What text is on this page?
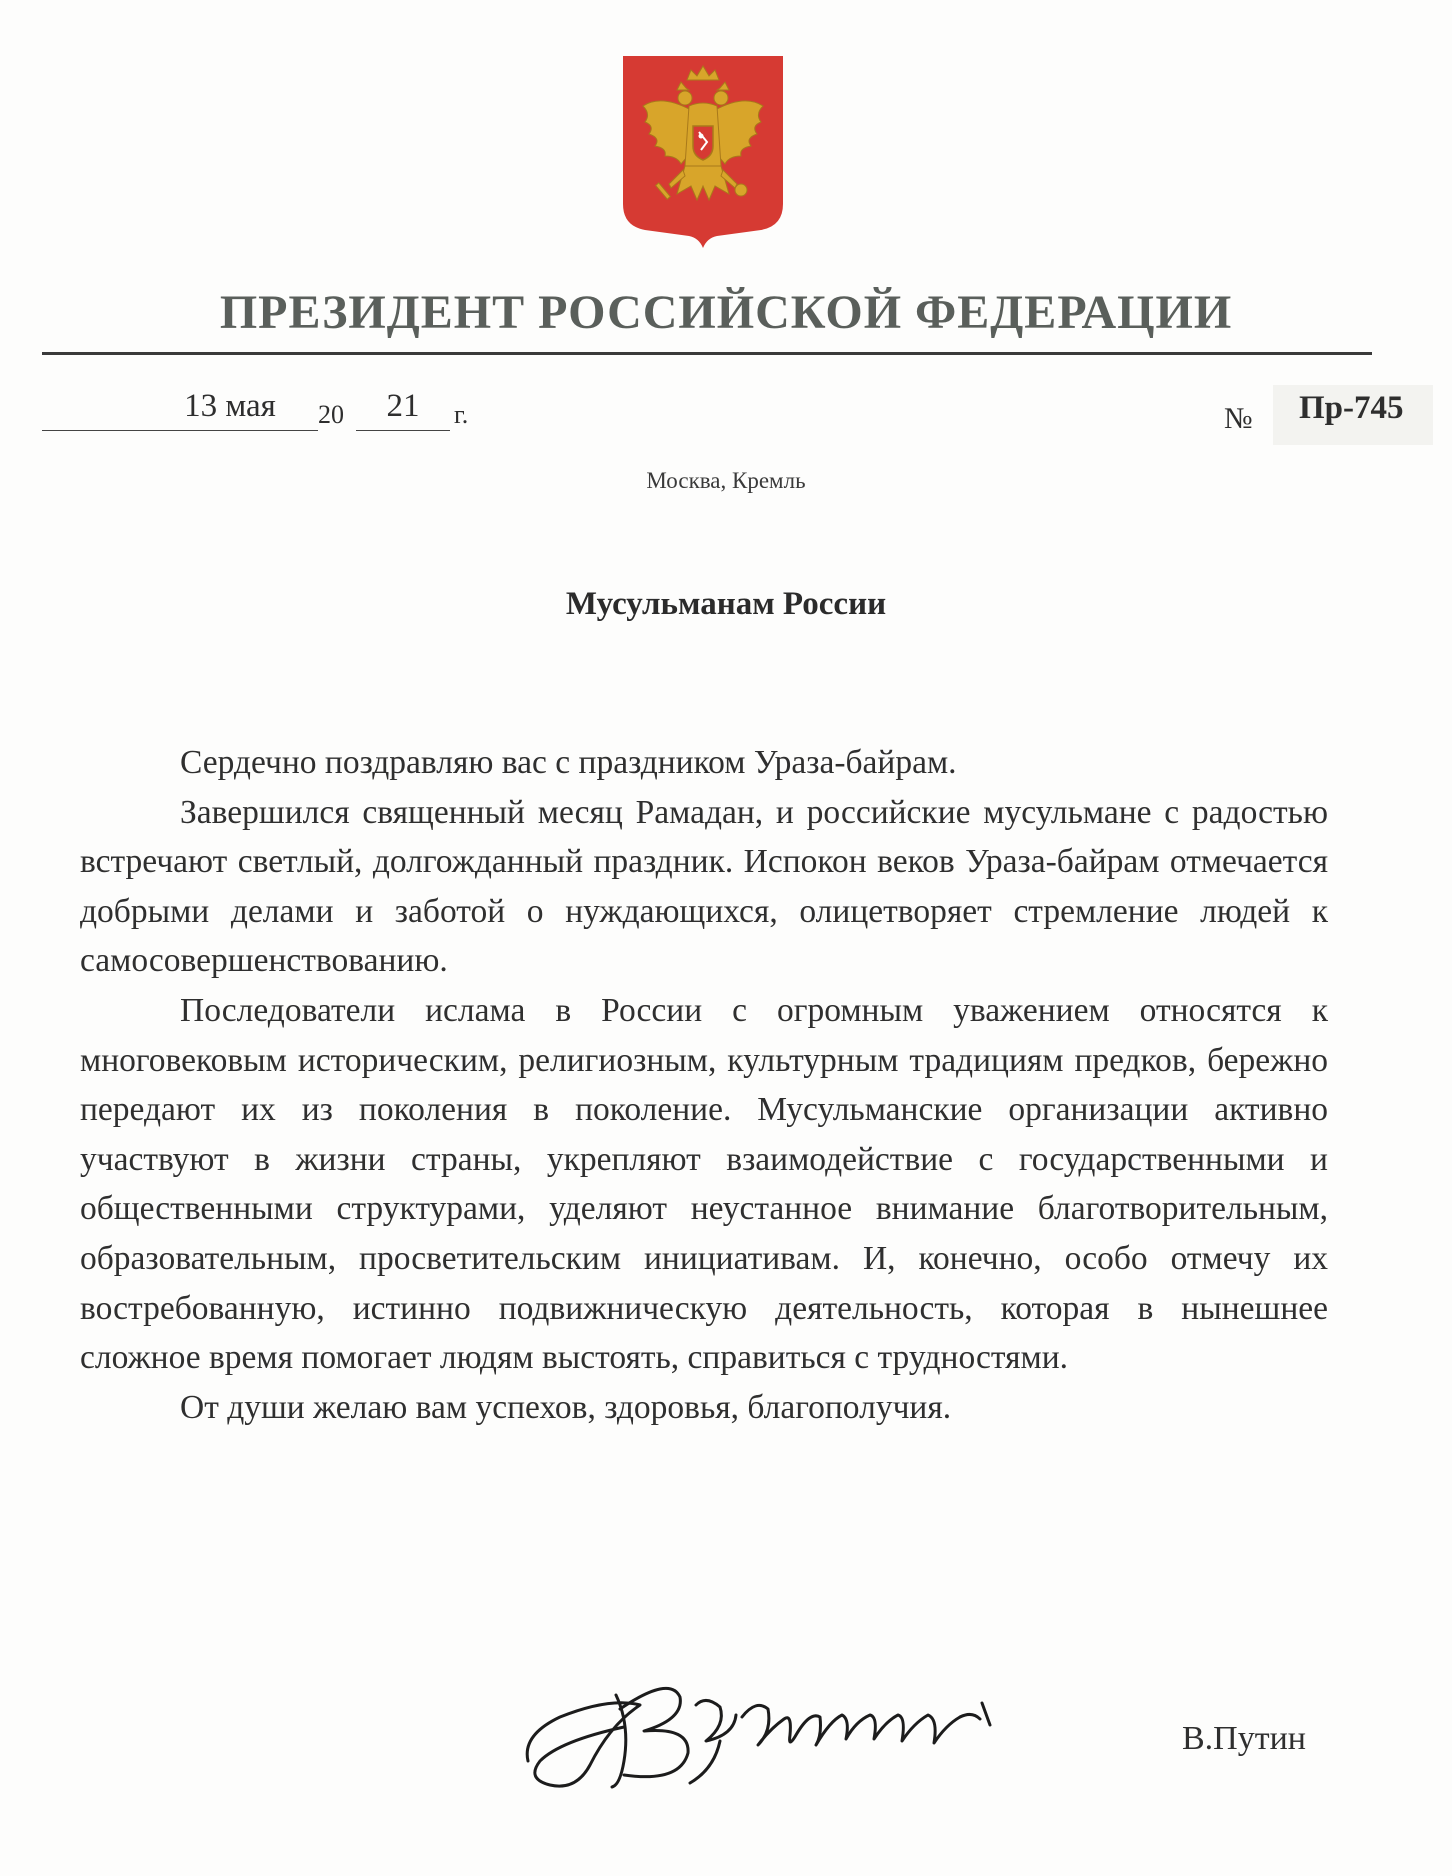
ПРЕЗИДЕНТ РОССИЙСКОЙ ФЕДЕРАЦИИ
13 мая	20	21	г.	№	Пр-745
Москва, Кремль
Мусульманам России

Сердечно поздравляю вас с праздником Ураза-байрам.

Завершился священный месяц Рамадан, и российские мусульмане с радостью встречают светлый, долгожданный праздник. Испокон веков Ураза-байрам отмечается добрыми делами и заботой о нуждающихся, олицетворяет стремление людей к самосовершенствованию.

Последователи ислама в России с огромным уважением относятся к многовековым историческим, религиозным, культурным традициям предков, бережно передают их из поколения в поколение. Мусульманские организации активно участвуют в жизни страны, укрепляют взаимодействие с государственными и общественными структурами, уделяют неустанное внимание благотворительным, образовательным, просветительским инициативам. И, конечно, особо отмечу их востребованную, истинно подвижническую деятельность, которая в нынешнее сложное время помогает людям выстоять, справиться с трудностями.

От души желаю вам успехов, здоровья, благополучия.

В.Путин
